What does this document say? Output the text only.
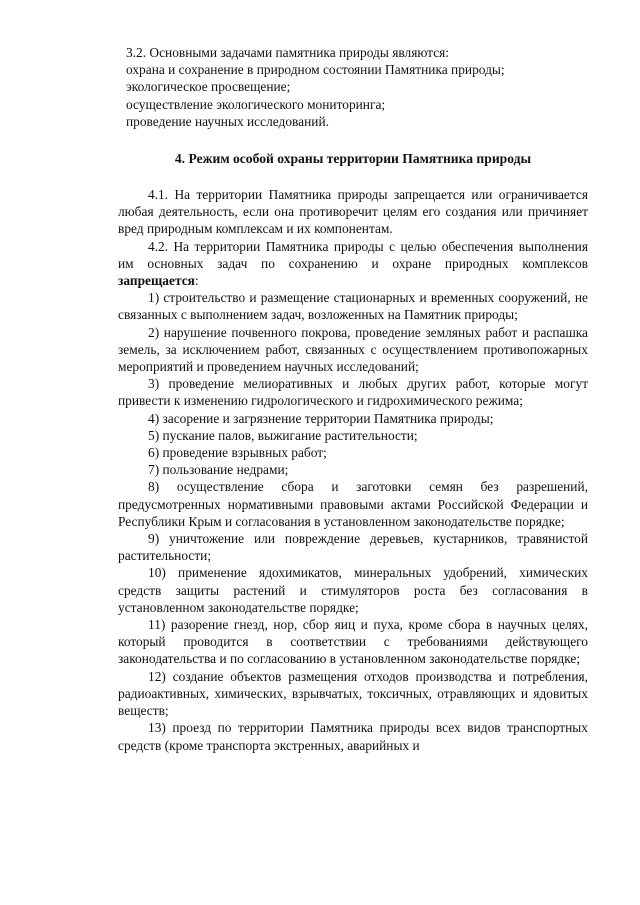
3.2. Основными задачами памятника природы являются:

охрана и сохранение в природном состоянии Памятника природы;

экологическое просвещение;

осуществление экологического мониторинга;

проведение научных исследований.

4. Режим особой охраны территории Памятника природы

4.1. На территории Памятника природы запрещается или ограничивается любая деятельность, если она противоречит целям его создания или причиняет вред природным комплексам и их компонентам.

4.2. На территории Памятника природы с целью обеспечения выполнения им основных задач по сохранению и охране природных комплексов запрещается:

1) строительство и размещение стационарных и временных сооружений, не связанных с выполнением задач, возложенных на Памятник природы;

2) нарушение почвенного покрова, проведение земляных работ и распашка земель, за исключением работ, связанных с осуществлением противопожарных мероприятий и проведением научных исследований;

3) проведение мелиоративных и любых других работ, которые могут привести к изменению гидрологического и гидрохимического режима;

4) засорение и загрязнение территории Памятника природы;

5) пускание палов, выжигание растительности;

6) проведение взрывных работ;

7) пользование недрами;

8) осуществление сбора и заготовки семян без разрешений, предусмотренных нормативными правовыми актами Российской Федерации и Республики Крым и согласования в установленном законодательстве порядке;

9) уничтожение или повреждение деревьев, кустарников, травянистой растительности;

10) применение ядохимикатов, минеральных удобрений, химических средств защиты растений и стимуляторов роста без согласования в установленном законодательстве порядке;

11) разорение гнезд, нор, сбор яиц и пуха, кроме сбора в научных целях, который проводится в соответствии с требованиями действующего законодательства и по согласованию в установленном законодательстве порядке;

12) создание объектов размещения отходов производства и потребления, радиоактивных, химических, взрывчатых, токсичных, отравляющих и ядовитых веществ;

13) проезд по территории Памятника природы всех видов транспортных средств (кроме транспорта экстренных, аварийных и
